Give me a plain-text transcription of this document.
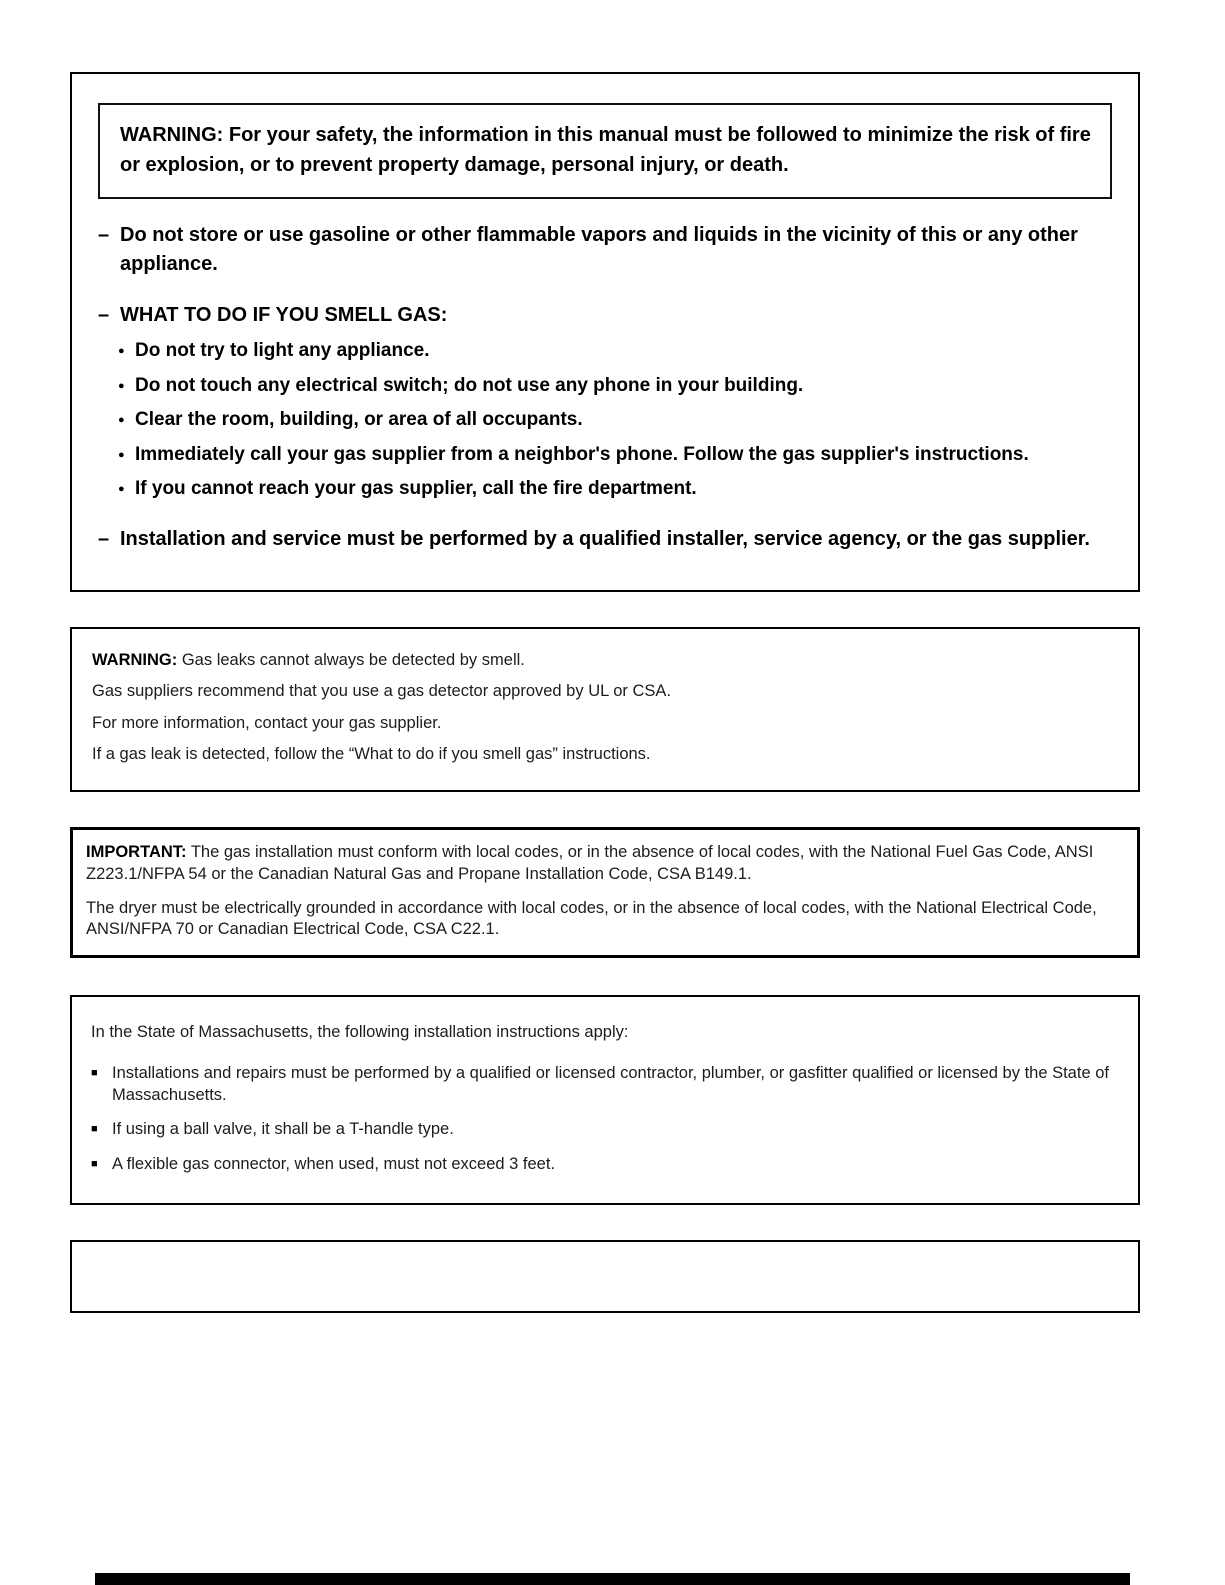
WARNING: For your safety, the information in this manual must be followed to minimize the risk of fire or explosion, or to prevent property damage, personal injury, or death.

– Do not store or use gasoline or other flammable vapors and liquids in the vicinity of this or any other appliance.
– WHAT TO DO IF YOU SMELL GAS:
● Do not try to light any appliance.
● Do not touch any electrical switch; do not use any phone in your building.
● Clear the room, building, or area of all occupants.
● Immediately call your gas supplier from a neighbor's phone. Follow the gas supplier's instructions.
● If you cannot reach your gas supplier, call the fire department.
– Installation and service must be performed by a qualified installer, service agency, or the gas supplier.

WARNING: Gas leaks cannot always be detected by smell.

Gas suppliers recommend that you use a gas detector approved by UL or CSA.

For more information, contact your gas supplier.

If a gas leak is detected, follow the “What to do if you smell gas” instructions.

IMPORTANT: The gas installation must conform with local codes, or in the absence of local codes, with the National Fuel Gas Code, ANSI Z223.1/NFPA 54 or the Canadian Natural Gas and Propane Installation Code, CSA B149.1.

The dryer must be electrically grounded in accordance with local codes, or in the absence of local codes, with the National Electrical Code, ANSI/NFPA 70 or Canadian Electrical Code, CSA C22.1.

In the State of Massachusetts, the following installation instructions apply:

■ Installations and repairs must be performed by a qualified or licensed contractor, plumber, or gasfitter qualified or licensed by the State of Massachusetts.
■ If using a ball valve, it shall be a T-handle type.
■ A flexible gas connector, when used, must not exceed 3 feet.
